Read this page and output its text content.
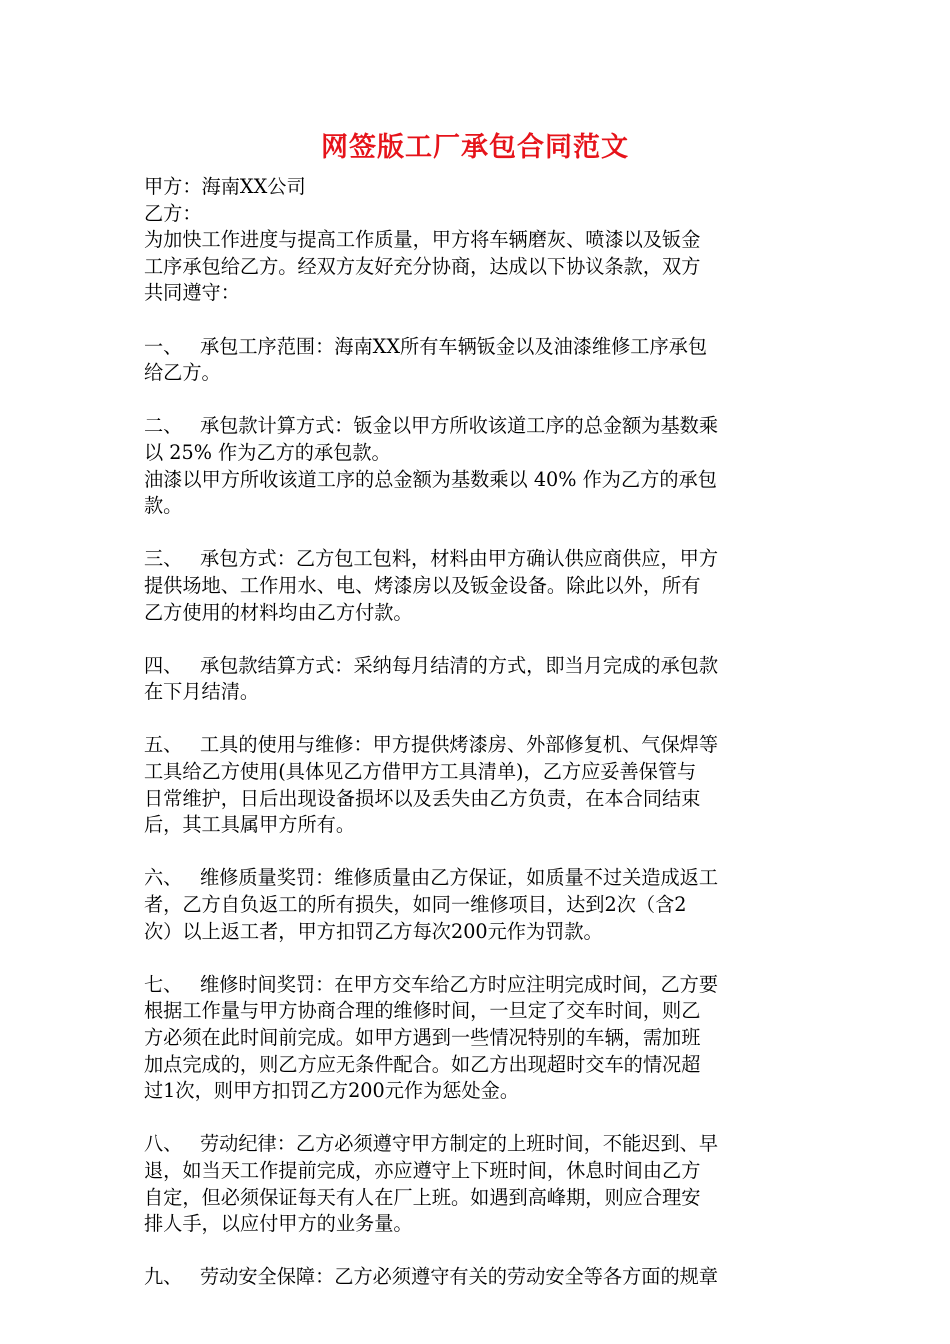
网签版工厂承包合同范文
甲方：海南XX公司
乙方：
为加快工作进度与提高工作质量，甲方将车辆磨灰、喷漆以及钣金
工序承包给乙方。经双方友好充分协商，达成以下协议条款，双方
共同遵守：
一、 承包工序范围：海南XX所有车辆钣金以及油漆维修工序承包
给乙方。
二、 承包款计算方式：钣金以甲方所收该道工序的总金额为基数乘
以 25% 作为乙方的承包款。
油漆以甲方所收该道工序的总金额为基数乘以 40% 作为乙方的承包
款。
三、 承包方式：乙方包工包料，材料由甲方确认供应商供应，甲方
提供场地、工作用水、电、烤漆房以及钣金设备。除此以外，所有
乙方使用的材料均由乙方付款。
四、 承包款结算方式：采纳每月结清的方式，即当月完成的承包款
在下月结清。
五、 工具的使用与维修：甲方提供烤漆房、外部修复机、气保焊等
工具给乙方使用(具体见乙方借甲方工具清单)，乙方应妥善保管与
日常维护，日后出现设备损坏以及丢失由乙方负责，在本合同结束
后，其工具属甲方所有。
六、 维修质量奖罚：维修质量由乙方保证，如质量不过关造成返工
者，乙方自负返工的所有损失，如同一维修项目，达到2次（含2
次）以上返工者，甲方扣罚乙方每次200元作为罚款。
七、 维修时间奖罚：在甲方交车给乙方时应注明完成时间，乙方要
根据工作量与甲方协商合理的维修时间，一旦定了交车时间，则乙
方必须在此时间前完成。如甲方遇到一些情况特别的车辆，需加班
加点完成的，则乙方应无条件配合。如乙方出现超时交车的情况超
过1次，则甲方扣罚乙方200元作为惩处金。
八、 劳动纪律：乙方必须遵守甲方制定的上班时间，不能迟到、早
退，如当天工作提前完成，亦应遵守上下班时间，休息时间由乙方
自定，但必须保证每天有人在厂上班。如遇到高峰期，则应合理安
排人手，以应付甲方的业务量。
九、 劳动安全保障：乙方必须遵守有关的劳动安全等各方面的规章
